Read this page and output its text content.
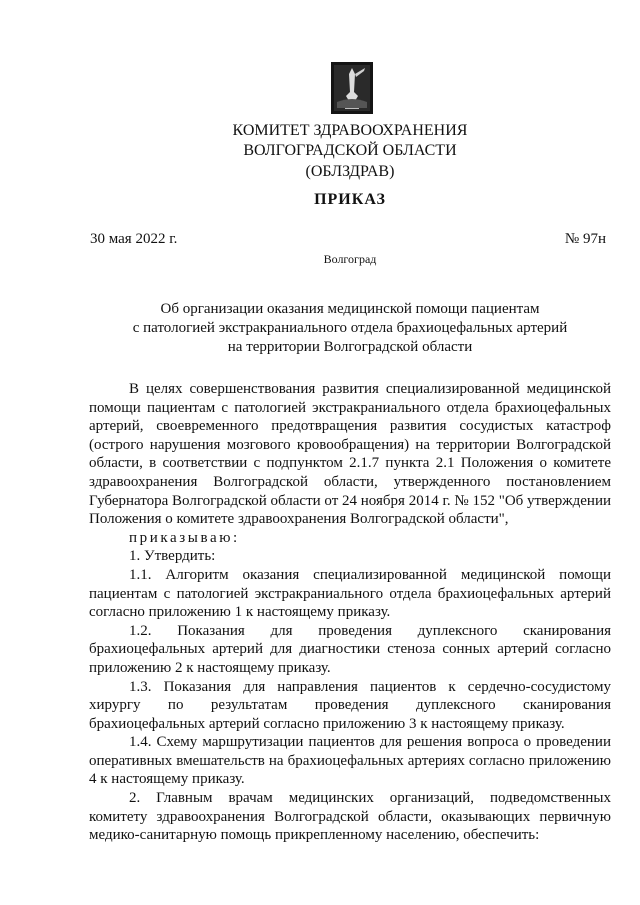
КОМИТЕТ ЗДРАВООХРАНЕНИЯ
ВОЛГОГРАДСКОЙ ОБЛАСТИ
(ОБЛЗДРАВ)
ПРИКАЗ
30 мая 2022 г.	№ 97н
Волгоград
Об организации оказания медицинской помощи пациентам
с патологией экстракраниального отдела брахиоцефальных артерий
на территории Волгоградской области

В целях совершенствования развития специализированной медицинской помощи пациентам с патологией экстракраниального отдела брахиоцефальных артерий, своевременного предотвращения развития сосудистых катастроф (острого нарушения мозгового кровообращения) на территории Волгоградской области, в соответствии с подпунктом 2.1.7 пункта 2.1 Положения о комитете здравоохранения Волгоградской области, утвержденного постановлением Губернатора Волгоградской области от 24 ноября 2014 г. № 152 "Об утверждении Положения о комитете здравоохранения Волгоградской области",

приказываю:

1. Утвердить:

1.1. Алгоритм оказания специализированной медицинской помощи пациентам с патологией экстракраниального отдела брахиоцефальных артерий согласно приложению 1 к настоящему приказу.

1.2. Показания для проведения дуплексного сканирования брахиоцефальных артерий для диагностики стеноза сонных артерий согласно приложению 2 к настоящему приказу.

1.3. Показания для направления пациентов к сердечно-сосудистому хирургу по результатам проведения дуплексного сканирования брахиоцефальных артерий согласно приложению 3 к настоящему приказу.

1.4. Схему маршрутизации пациентов для решения вопроса о проведении оперативных вмешательств на брахиоцефальных артериях согласно приложению 4 к настоящему приказу.

2. Главным врачам медицинских организаций, подведомственных комитету здравоохранения Волгоградской области, оказывающих первичную медико-санитарную помощь прикрепленному населению, обеспечить:
